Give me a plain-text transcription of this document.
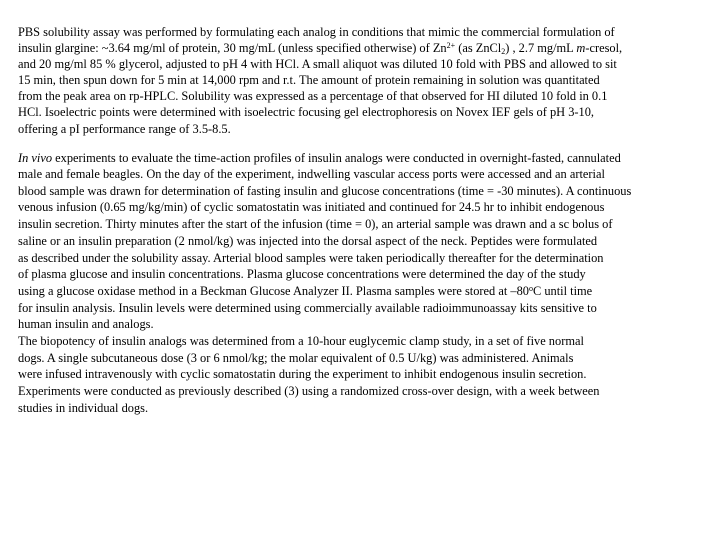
PBS solubility assay was performed by formulating each analog in conditions that mimic the commercial formulation of
insulin glargine: ~3.64 mg/ml of protein, 30 mg/mL (unless specified otherwise) of $Zn^{2+}$ (as ZnCl$_2$) , 2.7 mg/mL m-cresol,
and 20 mg/ml 85 % glycerol, adjusted to pH 4 with HCl. A small aliquot was diluted 10 fold with PBS and allowed to sit
15 min, then spun down for 5 min at 14,000 rpm and r.t. The amount of protein remaining in solution was quantitated
from the peak area on rp-HPLC. Solubility was expressed as a percentage of that observed for HI diluted 10 fold in 0.1
HCl. Isoelectric points were determined with isoelectric focusing gel electrophoresis on Novex IEF gels of pH 3-10,
offering a pI performance range of 3.5-8.5.
In vivo experiments to evaluate the time-action profiles of insulin analogs were conducted in overnight-fasted, cannulated
male and female beagles. On the day of the experiment, indwelling vascular access ports were accessed and an arterial
blood sample was drawn for determination of fasting insulin and glucose concentrations (time = -30 minutes). A continuous
venous infusion (0.65 mg/kg/min) of cyclic somatostatin was initiated and continued for 24.5 hr to inhibit endogenous
insulin secretion. Thirty minutes after the start of the infusion (time = 0), an arterial sample was drawn and a sc bolus of
saline or an insulin preparation (2 nmol/kg) was injected into the dorsal aspect of the neck. Peptides were formulated
as described under the solubility assay. Arterial blood samples were taken periodically thereafter for the determination
of plasma glucose and insulin concentrations. Plasma glucose concentrations were determined the day of the study
using a glucose oxidase method in a Beckman Glucose Analyzer II. Plasma samples were stored at –80$^o$C until time
for insulin analysis. Insulin levels were determined using commercially available radioimmunoassay kits sensitive to
human insulin and analogs.
The biopotency of insulin analogs was determined from a 10-hour euglycemic clamp study, in a set of five normal
dogs. A single subcutaneous dose (3 or 6 nmol/kg; the molar equivalent of 0.5 U/kg) was administered. Animals
were infused intravenously with cyclic somatostatin during the experiment to inhibit endogenous insulin secretion.
Experiments were conducted as previously described (3) using a randomized cross-over design, with a week between
studies in individual dogs.
